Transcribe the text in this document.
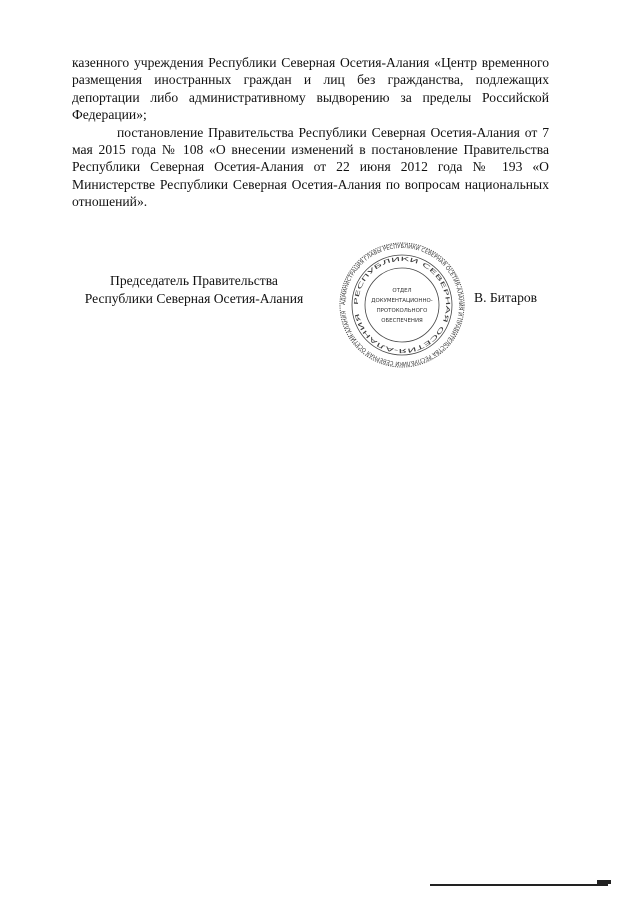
казенного учреждения Республики Северная Осетия-Алания «Центр временного размещения иностранных граждан и лиц без гражданства, подлежащих депортации либо административному выдворению за пределы Российской Федерации»;

постановление Правительства Республики Северная Осетия-Алания от 7 мая 2015 года № 108 «О внесении изменений в постановление Правительства Республики Северная Осетия-Алания от 22 июня 2012 года № 193 «О Министерстве Республики Северная Осетия-Алания по вопросам национальных отношений».

Председатель Правительства
Республики Северная Осетия-Алания	АДМИНИСТРАЦИЯ ГЛАВЫ РЕСПУБЛИКИ СЕВЕРНАЯ ОСЕТИЯ-АЛАНИЯ И ПРАВИТЕЛЬСТВА РЕСПУБЛИКИ СЕВЕРНАЯ ОСЕТИЯ-АЛАНИЯ
РЕСПУБЛИКИ СЕВЕРНАЯ ОСЕТИЯ-АЛАНИЯ
ОТДЕЛ
ДОКУМЕНТАЦИОННО-
ПРОТОКОЛЬНОГО
ОБЕСПЕЧЕНИЯ
В. Битаров
